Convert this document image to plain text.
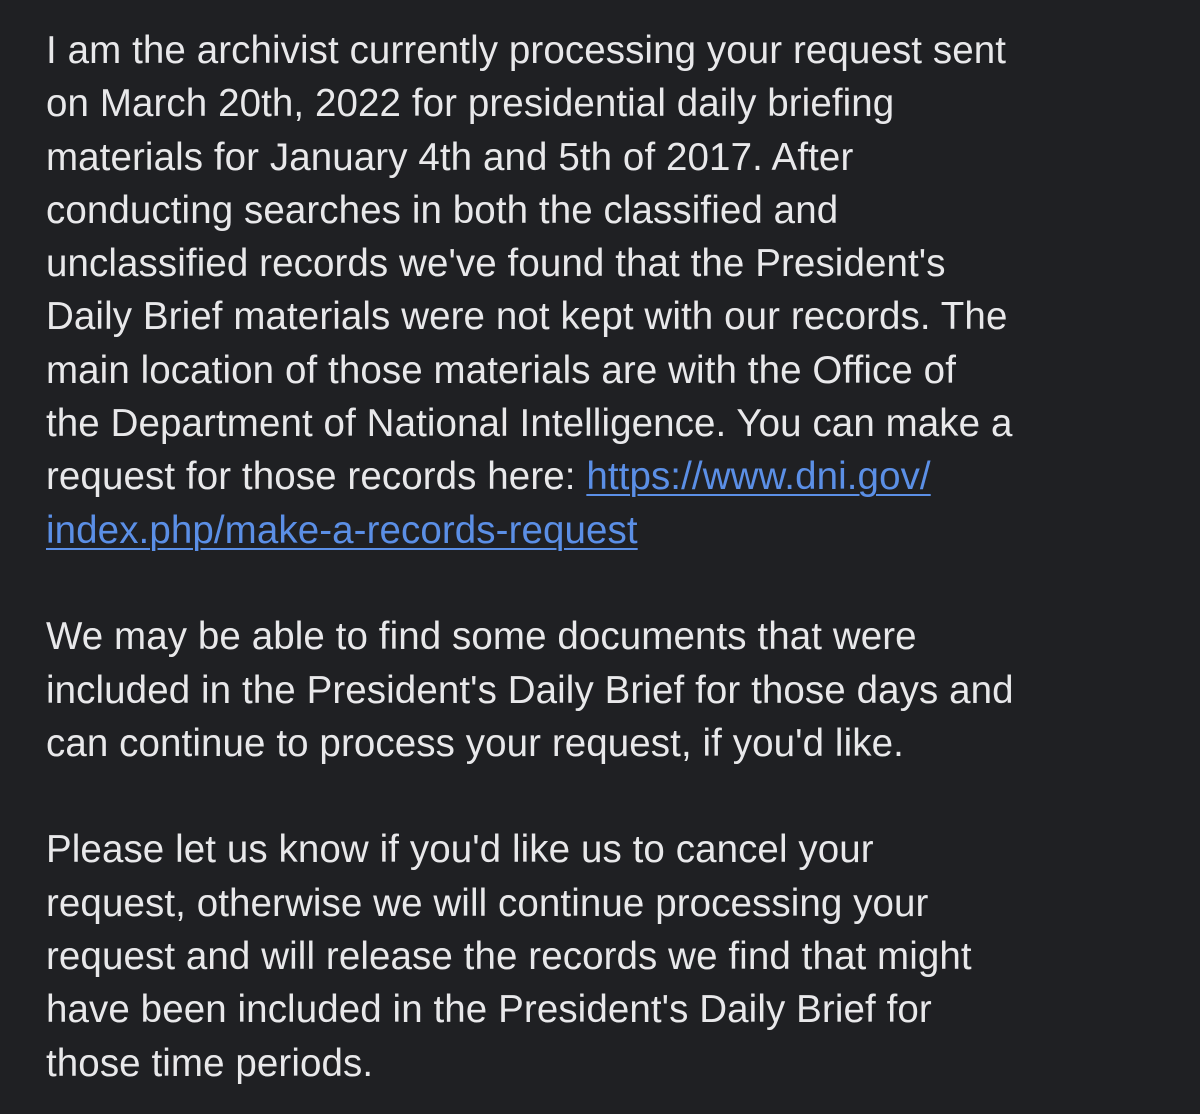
I am the archivist currently processing your request sent
on March 20th, 2022 for presidential daily briefing
materials for January 4th and 5th of 2017. After
conducting searches in both the classified and
unclassified records we've found that the President's
Daily Brief materials were not kept with our records. The
main location of those materials are with the Office of
the Department of National Intelligence. You can make a
request for those records here: https://www.dni.gov/
index.php/make-a-records-request

We may be able to find some documents that were
included in the President's Daily Brief for those days and
can continue to process your request, if you'd like.

Please let us know if you'd like us to cancel your
request, otherwise we will continue processing your
request and will release the records we find that might
have been included in the President's Daily Brief for
those time periods.
